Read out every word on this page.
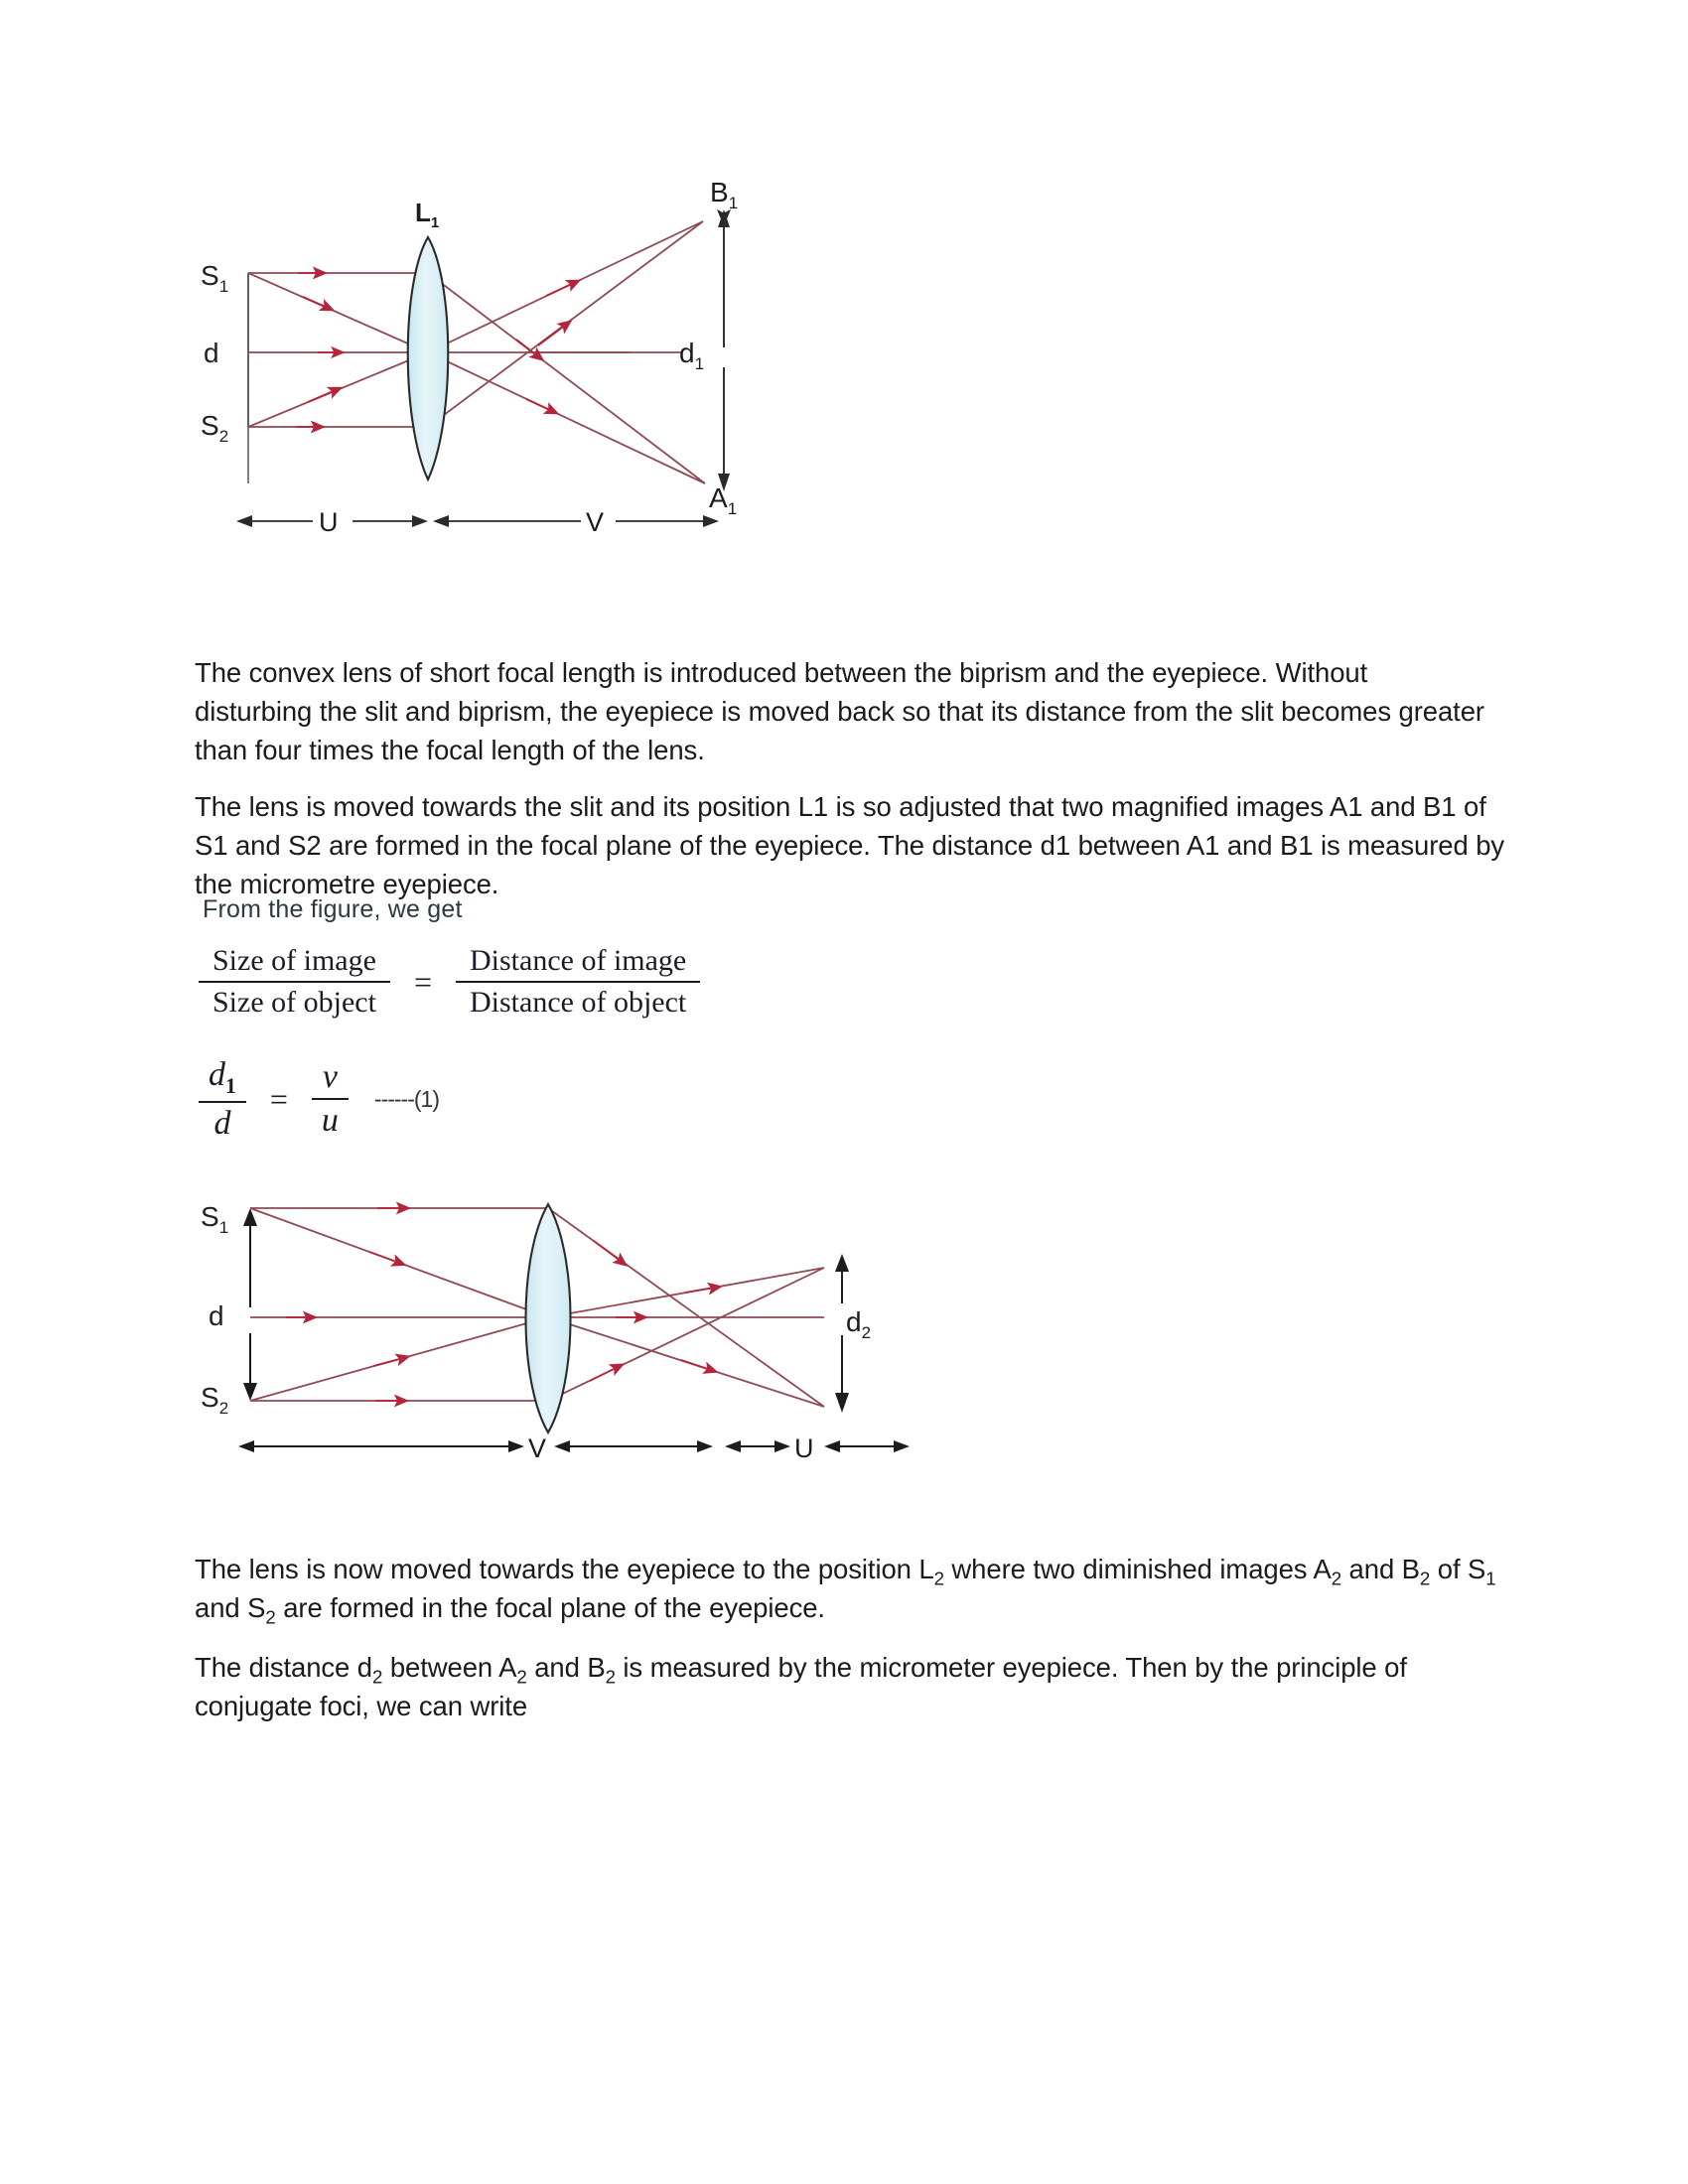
$S_1$
d
$S_2$
$L_1$
$d_1$
$B_1$
$A_1$
U	V
$S_1$
d
$S_2$
$d_2$
V	U

The convex lens of short focal length is introduced between the biprism and the eyepiece. Without disturbing the slit and biprism, the eyepiece is moved back so that its distance from the slit becomes greater than four times the focal length of the lens.

The lens is moved towards the slit and its position L1 is so adjusted that two magnified images A1 and B1 of S1 and S2 are formed in the focal plane of the eyepiece. The distance d1 between A1 and B1 is measured by the micrometre eyepiece.

From the figure, we get
$\frac{\text{Size of image}}{\text{Size of object}} = \frac{\text{Distance of image}}{\text{Distance of object}}$
$\frac{d_1}{d} = \frac{v}{u} ------(1)$

The lens is now moved towards the eyepiece to the position $L_2$ where two diminished images $A_2$ and $B_2$ of $S_1$ and $S_2$ are formed in the focal plane of the eyepiece.

The distance $d_2$ between $A_2$ and $B_2$ is measured by the micrometer eyepiece. Then by the principle of conjugate foci, we can write
